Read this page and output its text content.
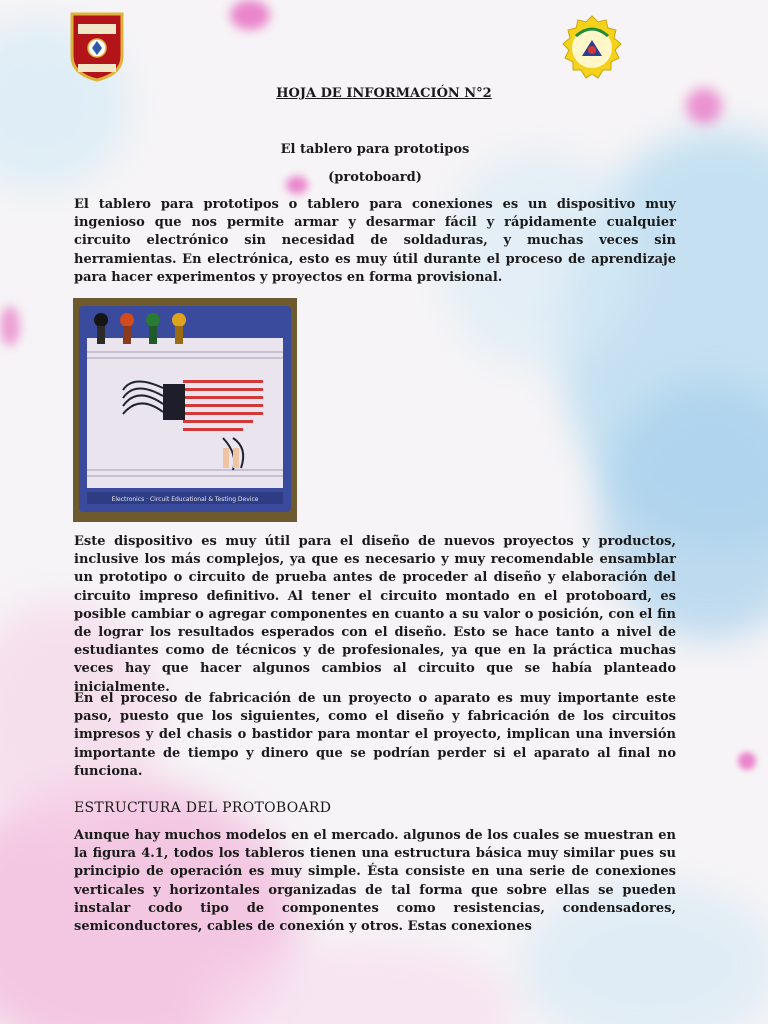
HOJA DE INFORMACIÓN N°2
El tablero para prototipos
(protoboard)

El tablero para prototipos o tablero para conexiones es un dispositivo muy ingenioso que nos permite armar y desarmar fácil y rápidamente cualquier circuito electrónico sin necesidad de soldaduras, y muchas veces sin herramientas. En electrónica, esto es muy útil durante el proceso de aprendizaje para hacer experimentos y proyectos en forma provisional.

Electronics · Circuit Educational & Testing Device

Este dispositivo es muy útil para el diseño de nuevos proyectos y productos, inclusive los más complejos, ya que es necesario y muy recomendable ensamblar un prototipo o circuito de prueba antes de proceder al diseño y elaboración del circuito impreso definitivo. Al tener el circuito montado en el protoboard, es posible cambiar o agregar componentes en cuanto a su valor o posición, con el fin de lograr los resultados esperados con el diseño. Esto se hace tanto a nivel de estudiantes como de técnicos y de profesionales, ya que en la práctica muchas veces hay que hacer algunos cambios al circuito que se había planteado inicialmente.

En el proceso de fabricación de un proyecto o aparato es muy importante este paso, puesto que los siguientes, como el diseño y fabricación de los circuitos impresos y del chasis o bastidor para montar el proyecto, implican una inversión importante de tiempo y dinero que se podrían perder si el aparato al final no funciona.

ESTRUCTURA DEL PROTOBOARD

Aunque hay muchos modelos en el mercado. algunos de los cuales se muestran en la figura 4.1, todos los tableros tienen una estructura básica muy similar pues su principio de operación es muy simple. Ésta consiste en una serie de conexiones verticales y horizontales organizadas de tal forma que sobre ellas se pueden instalar codo tipo de componentes como resistencias, condensadores, semiconductores, cables de conexión y otros. Estas conexiones
